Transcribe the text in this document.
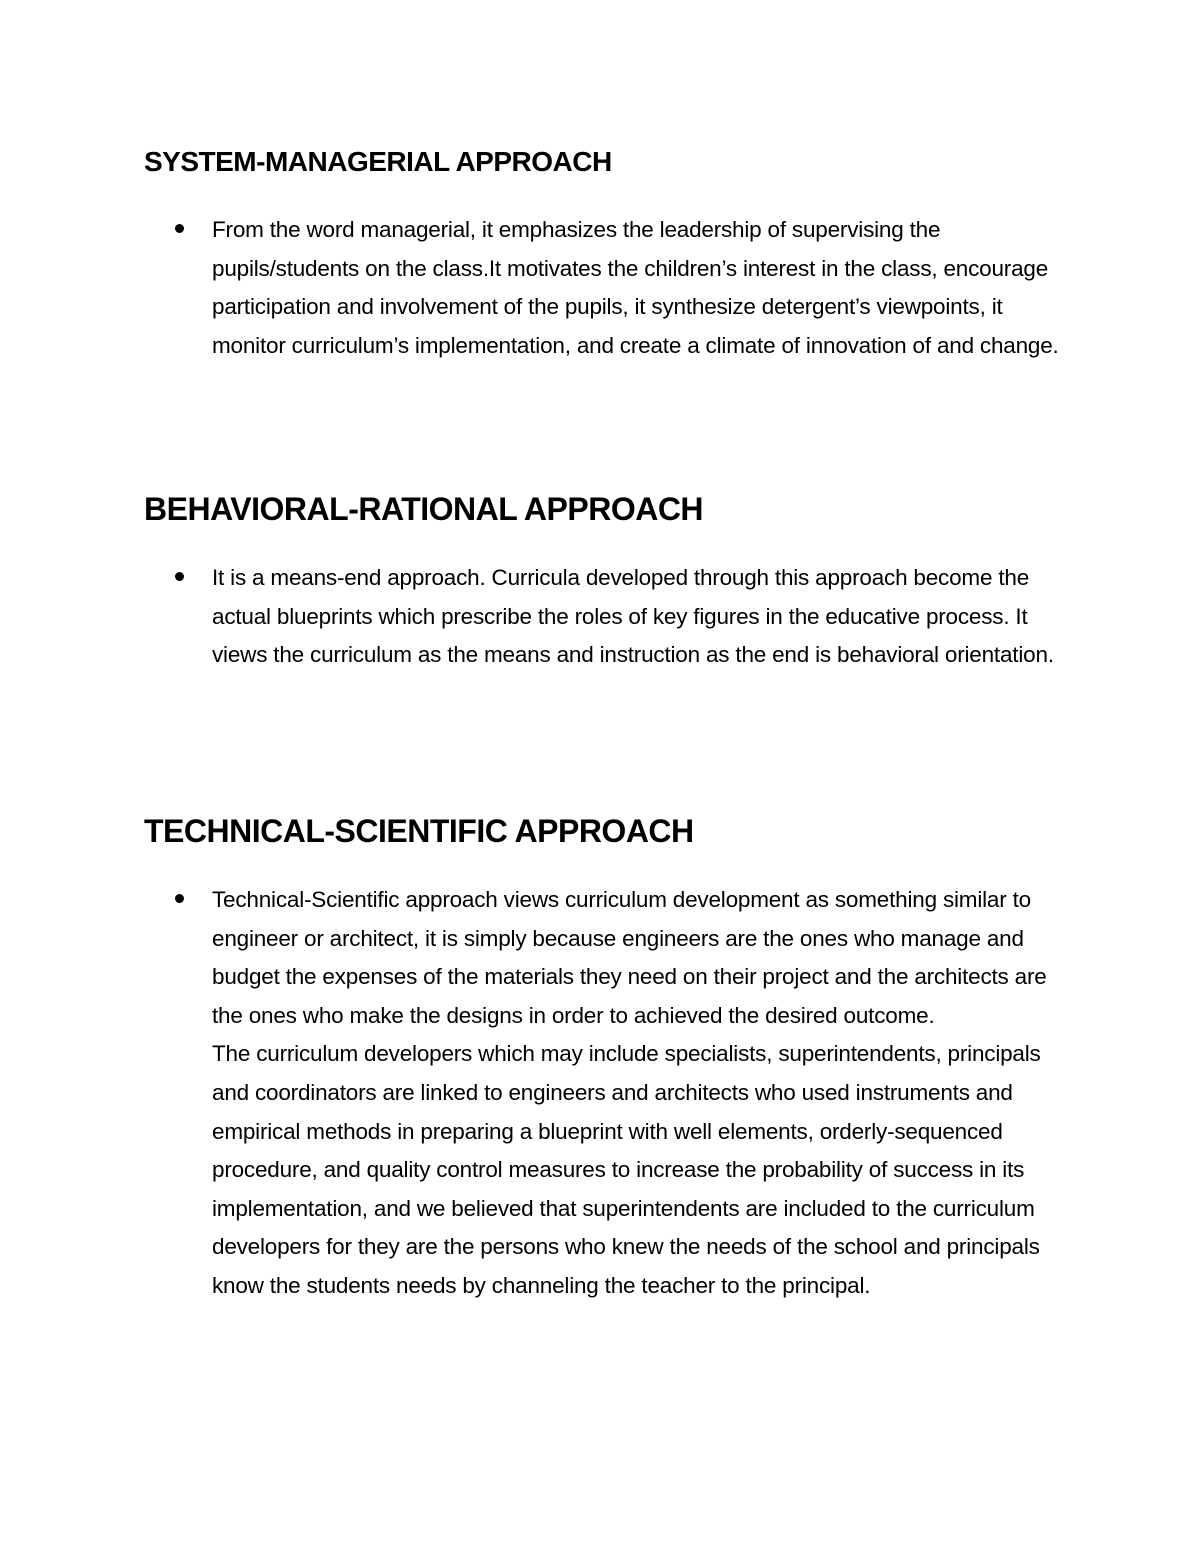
SYSTEM-MANAGERIAL APPROACH

From the word managerial, it emphasizes the leadership of supervising the pupils/students on the class.It motivates the children’s interest in the class, encourage participation and involvement of the pupils, it synthesize detergent’s viewpoints, it monitor curriculum’s implementation, and create a climate of innovation of and change.

BEHAVIORAL-RATIONAL APPROACH

It is a means-end approach. Curricula developed through this approach become the actual blueprints which prescribe the roles of key figures in the educative process. It views the curriculum as the means and instruction as the end is behavioral orientation.

TECHNICAL-SCIENTIFIC APPROACH

Technical-Scientific approach views curriculum development as something similar to engineer or architect, it is simply because engineers are the ones who manage and budget the expenses of the materials they need on their project and the architects are the ones who make the designs in order to achieved the desired outcome.

The curriculum developers which may include specialists, superintendents, principals and coordinators are linked to engineers and architects who used instruments and empirical methods in preparing a blueprint with well elements, orderly-sequenced procedure, and quality control measures to increase the probability of success in its implementation, and we believed that superintendents are included to the curriculum developers for they are the persons who knew the needs of the school and principals know the students needs by channeling the teacher to the principal.
